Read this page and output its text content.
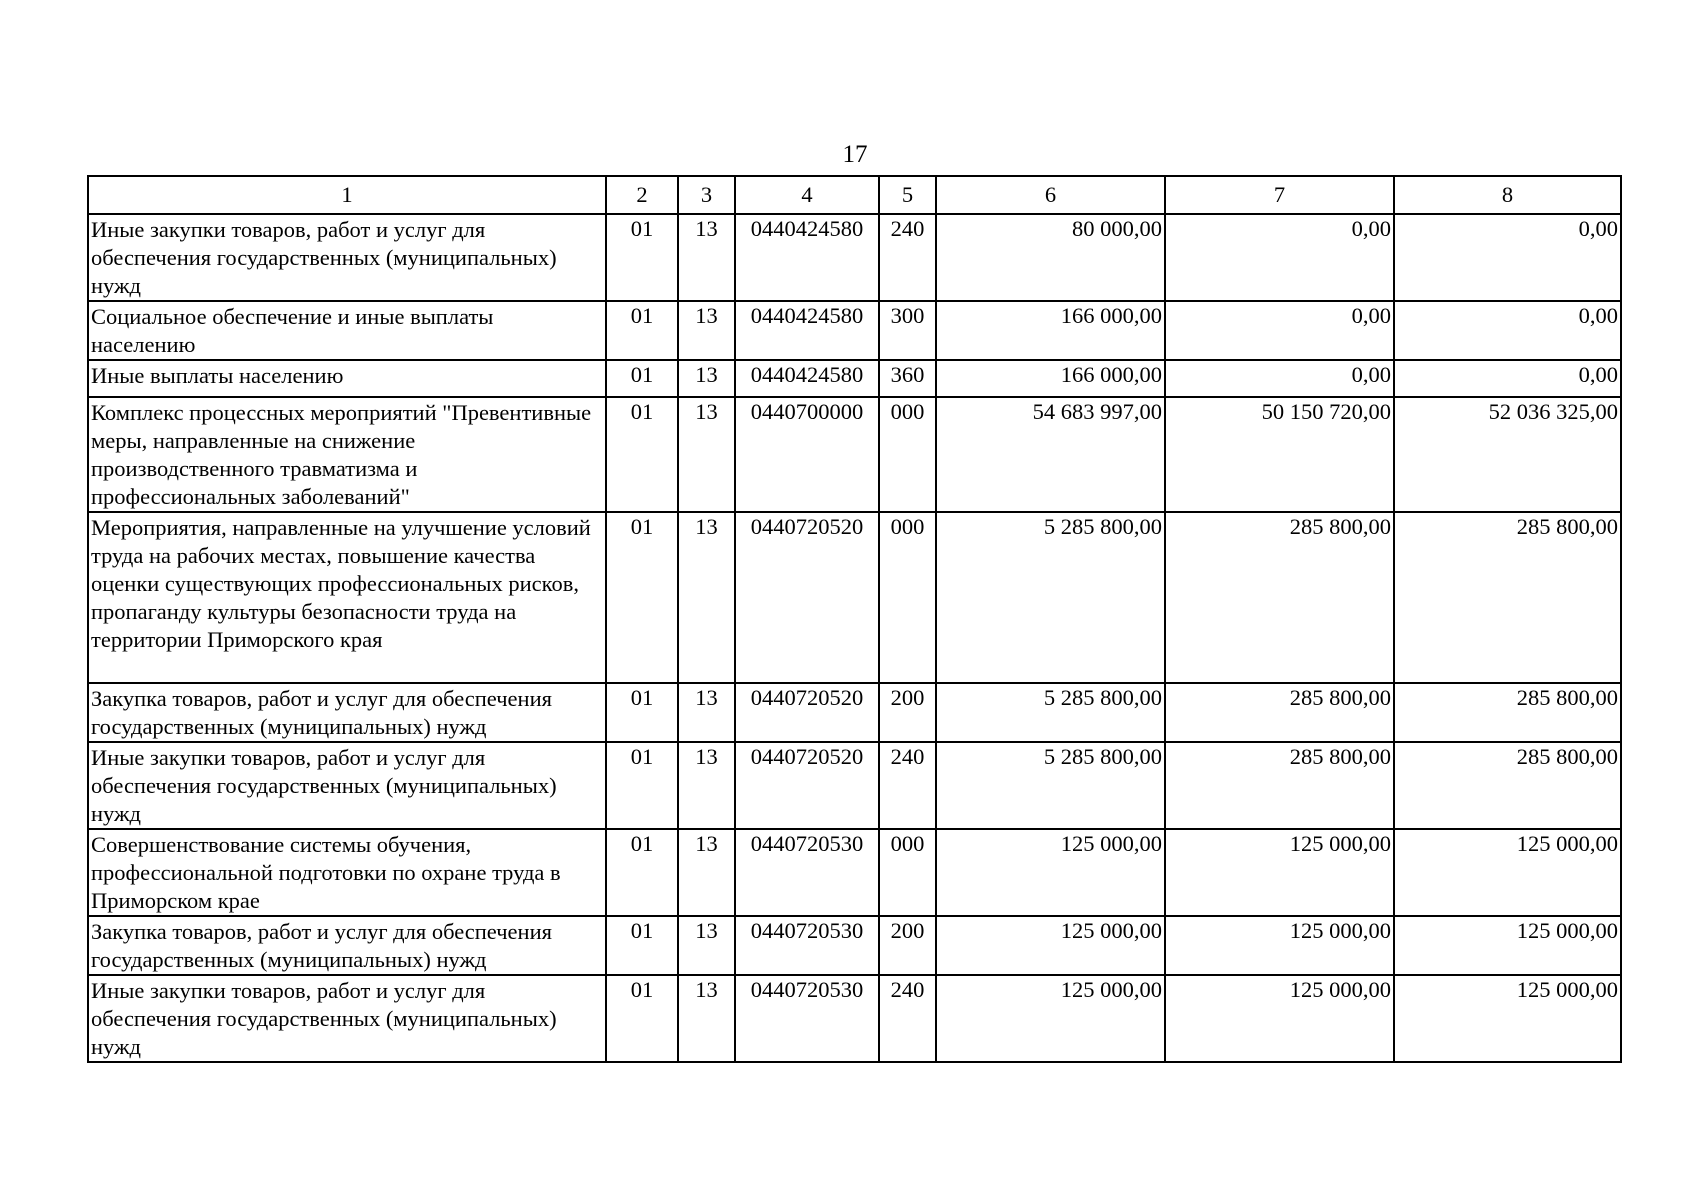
17
1	2	3	4	5	6	7	8
Иные закупки товаров, работ и услуг для обеспечения государственных (муниципальных) нужд	01	13	0440424580	240	80 000,00	0,00	0,00
Социальное обеспечение и иные выплаты населению	01	13	0440424580	300	166 000,00	0,00	0,00
Иные выплаты населению	01	13	0440424580	360	166 000,00	0,00	0,00
Комплекс процессных мероприятий "Превентивные меры, направленные на снижение производственного травматизма и профессиональных заболеваний"	01	13	0440700000	000	54 683 997,00	50 150 720,00	52 036 325,00
Мероприятия, направленные на улучшение условий труда на рабочих местах, повышение качества оценки существующих профессиональных рисков, пропаганду культуры безопасности труда на территории Приморского края	01	13	0440720520	000	5 285 800,00	285 800,00	285 800,00
Закупка товаров, работ и услуг для обеспечения государственных (муниципальных) нужд	01	13	0440720520	200	5 285 800,00	285 800,00	285 800,00
Иные закупки товаров, работ и услуг для обеспечения государственных (муниципальных) нужд	01	13	0440720520	240	5 285 800,00	285 800,00	285 800,00
Совершенствование системы обучения, профессиональной подготовки по охране труда в Приморском крае	01	13	0440720530	000	125 000,00	125 000,00	125 000,00
Закупка товаров, работ и услуг для обеспечения государственных (муниципальных) нужд	01	13	0440720530	200	125 000,00	125 000,00	125 000,00
Иные закупки товаров, работ и услуг для обеспечения государственных (муниципальных) нужд	01	13	0440720530	240	125 000,00	125 000,00	125 000,00
